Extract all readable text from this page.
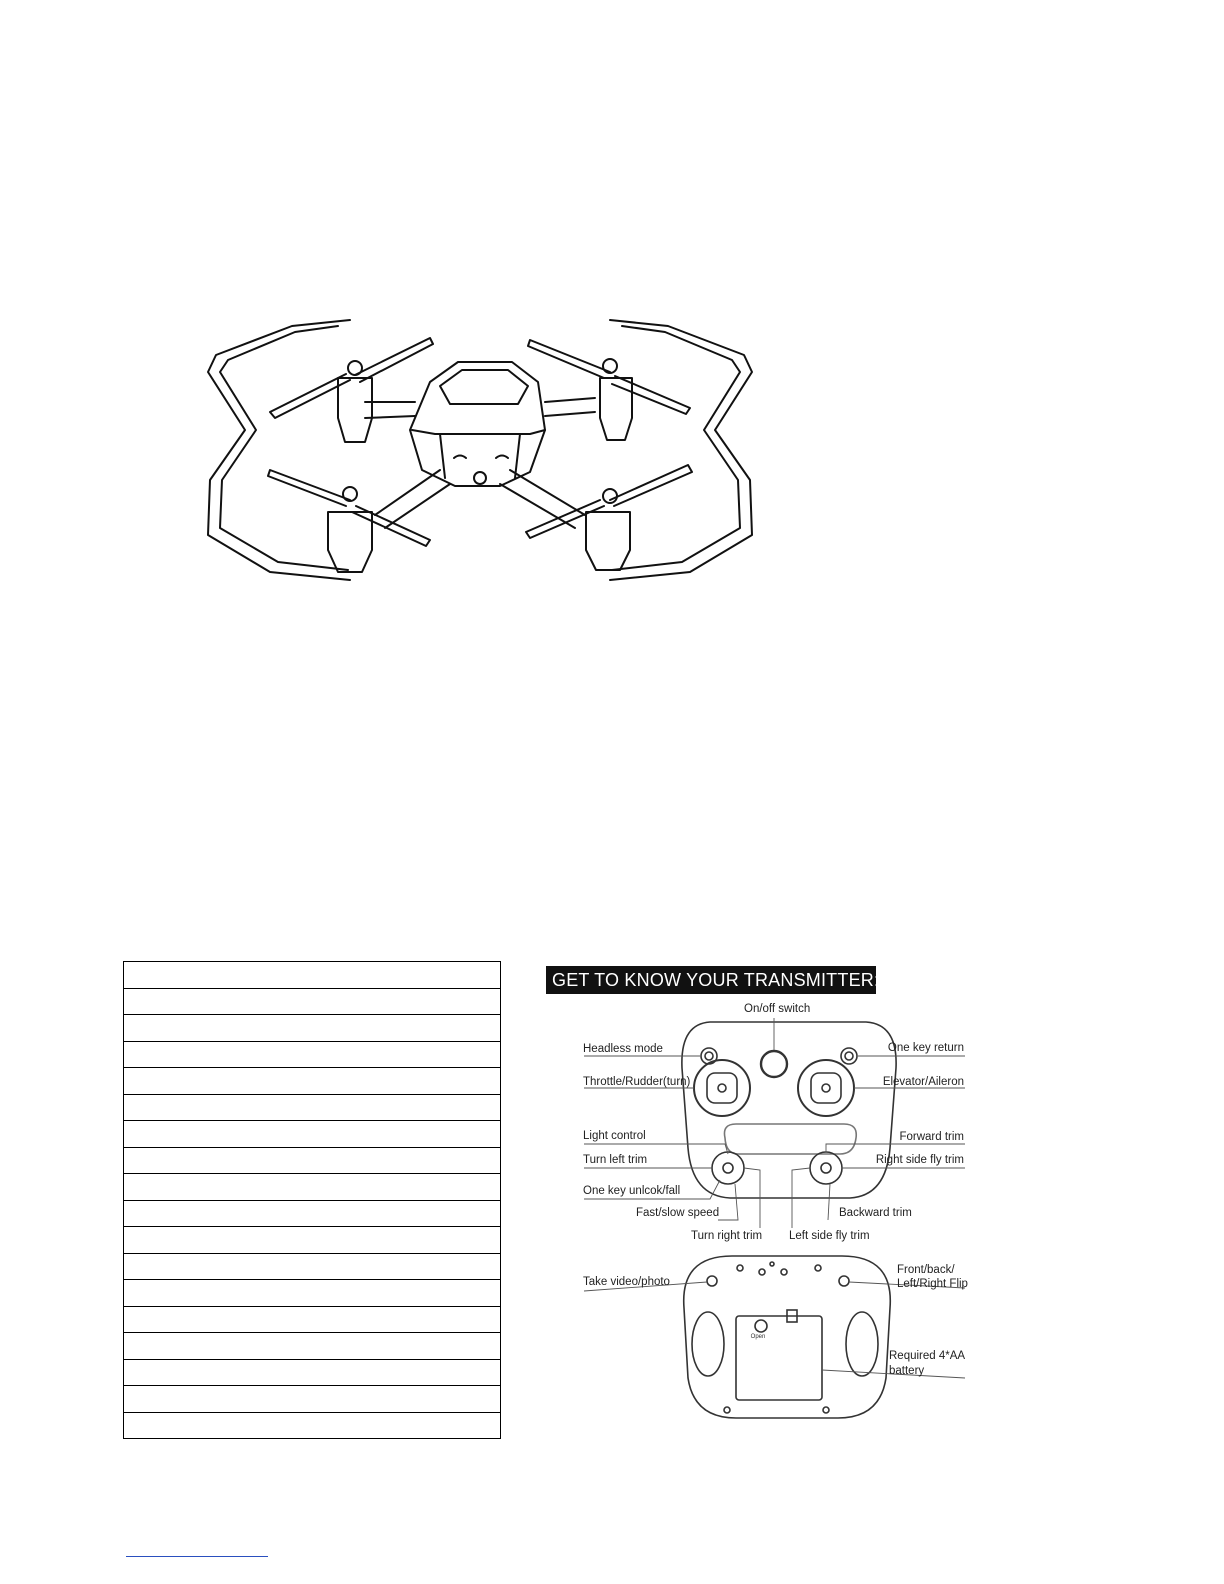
GET TO KNOW YOUR TRANSMITTER:
Open
On/off switch
Headless mode	One key return
Throttle/Rudder(turn)	Elevator/Aileron
Light control	Forward trim
Turn left trim	Right side fly trim
One key unlcok/fall
Fast/slow speed	Backward trim
Turn right trim Left side fly trim
Take video/photo
Front/back/
Left/Right Flip
Required 4*AA
battery
